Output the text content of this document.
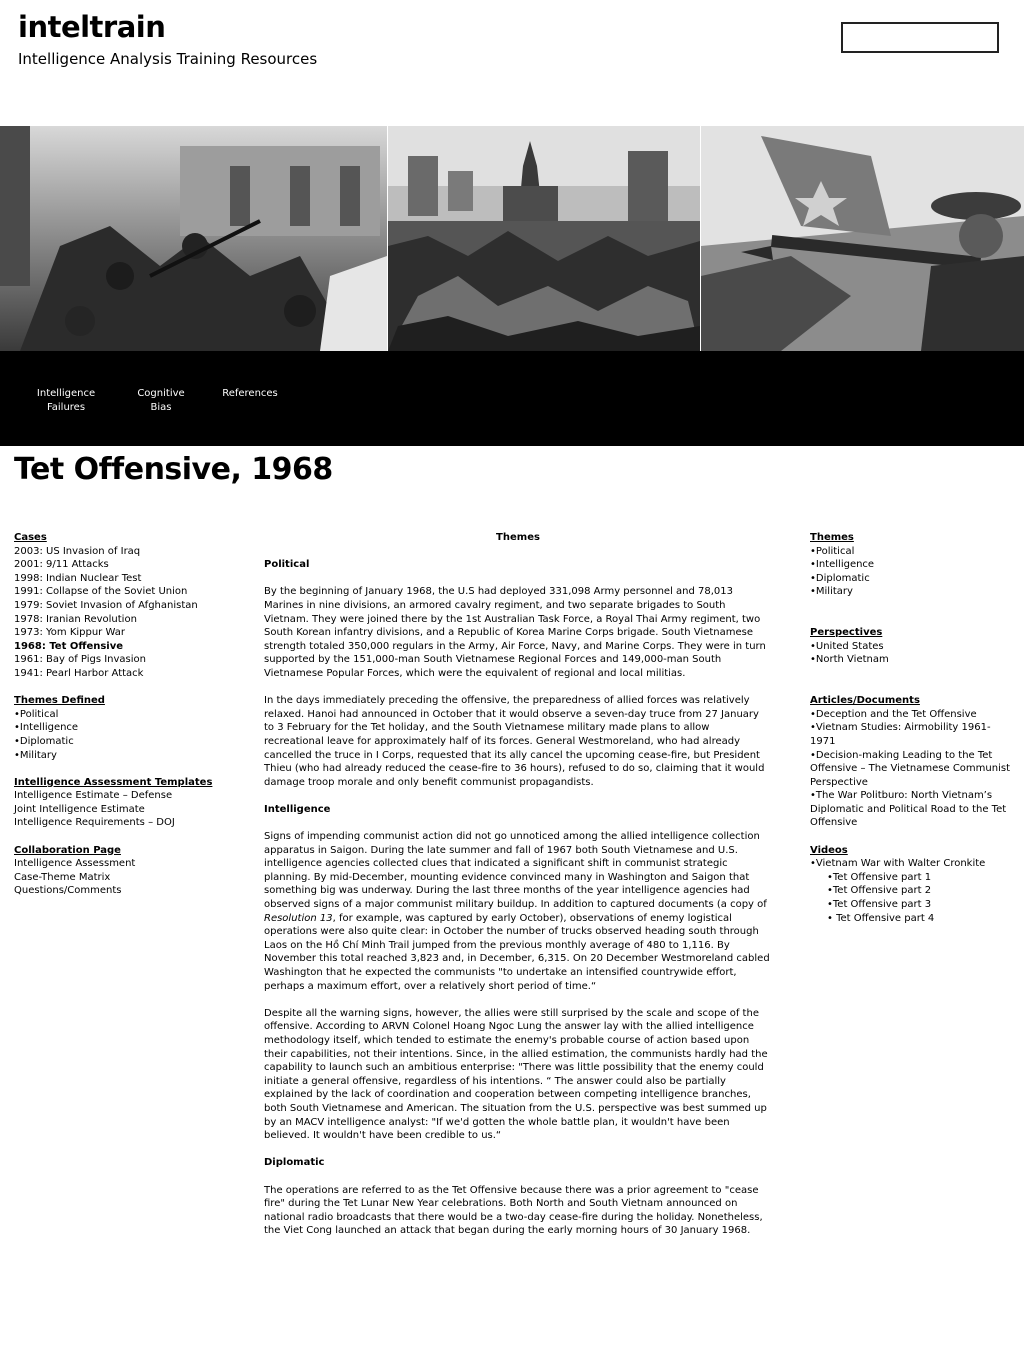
inteltrain
Intelligence Analysis Training Resources
Intelligence
Failures
Cognitive
Bias
References
Tet Offensive, 1968
Cases
2003: US Invasion of Iraq
2001: 9/11 Attacks
1998: Indian Nuclear Test
1991: Collapse of the Soviet Union
1979: Soviet Invasion of Afghanistan
1978: Iranian Revolution
1973: Yom Kippur War
1968: Tet Offensive
1961: Bay of Pigs Invasion
1941: Pearl Harbor Attack
Themes Defined
•Political
•Intelligence
•Diplomatic
•Military
Intelligence Assessment Templates
Intelligence Estimate – Defense
Joint Intelligence Estimate
Intelligence Requirements – DOJ
Collaboration Page
Intelligence Assessment
Case-Theme Matrix
Questions/Comments
Themes
Political

By the beginning of January 1968, the U.S had deployed 331,098 Army personnel and 78,013 Marines in nine divisions, an armored cavalry regiment, and two separate brigades to South Vietnam. They were joined there by the 1st Australian Task Force, a Royal Thai Army regiment, two South Korean infantry divisions, and a Republic of Korea Marine Corps brigade. South Vietnamese strength totaled 350,000 regulars in the Army, Air Force, Navy, and Marine Corps. They were in turn supported by the 151,000-man South Vietnamese Regional Forces and 149,000-man South Vietnamese Popular Forces, which were the equivalent of regional and local militias.

In the days immediately preceding the offensive, the preparedness of allied forces was relatively relaxed. Hanoi had announced in October that it would observe a seven-day truce from 27 January to 3 February for the Tet holiday, and the South Vietnamese military made plans to allow recreational leave for approximately half of its forces. General Westmoreland, who had already cancelled the truce in I Corps, requested that its ally cancel the upcoming cease-fire, but President Thieu (who had already reduced the cease-fire to 36 hours), refused to do so, claiming that it would damage troop morale and only benefit communist propagandists.

Intelligence

Signs of impending communist action did not go unnoticed among the allied intelligence collection apparatus in Saigon. During the late summer and fall of 1967 both South Vietnamese and U.S. intelligence agencies collected clues that indicated a significant shift in communist strategic planning. By mid-December, mounting evidence convinced many in Washington and Saigon that something big was underway. During the last three months of the year intelligence agencies had observed signs of a major communist military buildup. In addition to captured documents (a copy of Resolution 13, for example, was captured by early October), observations of enemy logistical operations were also quite clear: in October the number of trucks observed heading south through Laos on the Hồ Chí Minh Trail jumped from the previous monthly average of 480 to 1,116. By November this total reached 3,823 and, in December, 6,315. On 20 December Westmoreland cabled Washington that he expected the communists "to undertake an intensified countrywide effort, perhaps a maximum effort, over a relatively short period of time.“

Despite all the warning signs, however, the allies were still surprised by the scale and scope of the offensive. According to ARVN Colonel Hoang Ngoc Lung the answer lay with the allied intelligence methodology itself, which tended to estimate the enemy's probable course of action based upon their capabilities, not their intentions. Since, in the allied estimation, the communists hardly had the capability to launch such an ambitious enterprise: "There was little possibility that the enemy could initiate a general offensive, regardless of his intentions. “ The answer could also be partially explained by the lack of coordination and cooperation between competing intelligence branches, both South Vietnamese and American. The situation from the U.S. perspective was best summed up by an MACV intelligence analyst: "If we'd gotten the whole battle plan, it wouldn't have been believed. It wouldn't have been credible to us.“

Diplomatic

The operations are referred to as the Tet Offensive because there was a prior agreement to "cease fire" during the Tet Lunar New Year celebrations. Both North and South Vietnam announced on national radio broadcasts that there would be a two-day cease-fire during the holiday. Nonetheless, the Viet Cong launched an attack that began during the early morning hours of 30 January 1968.

Themes
•Political
•Intelligence
•Diplomatic
•Military
Perspectives
•United States
•North Vietnam
Articles/Documents
•Deception and the Tet Offensive
•Vietnam Studies: Airmobility 1961-1971
•Decision-making Leading to the Tet Offensive – The Vietnamese Communist Perspective
•The War Politburo: North Vietnam’s Diplomatic and Political Road to the Tet Offensive
Videos
•Vietnam War with Walter Cronkite
•Tet Offensive part 1
•Tet Offensive part 2
•Tet Offensive part 3
• Tet Offensive part 4
